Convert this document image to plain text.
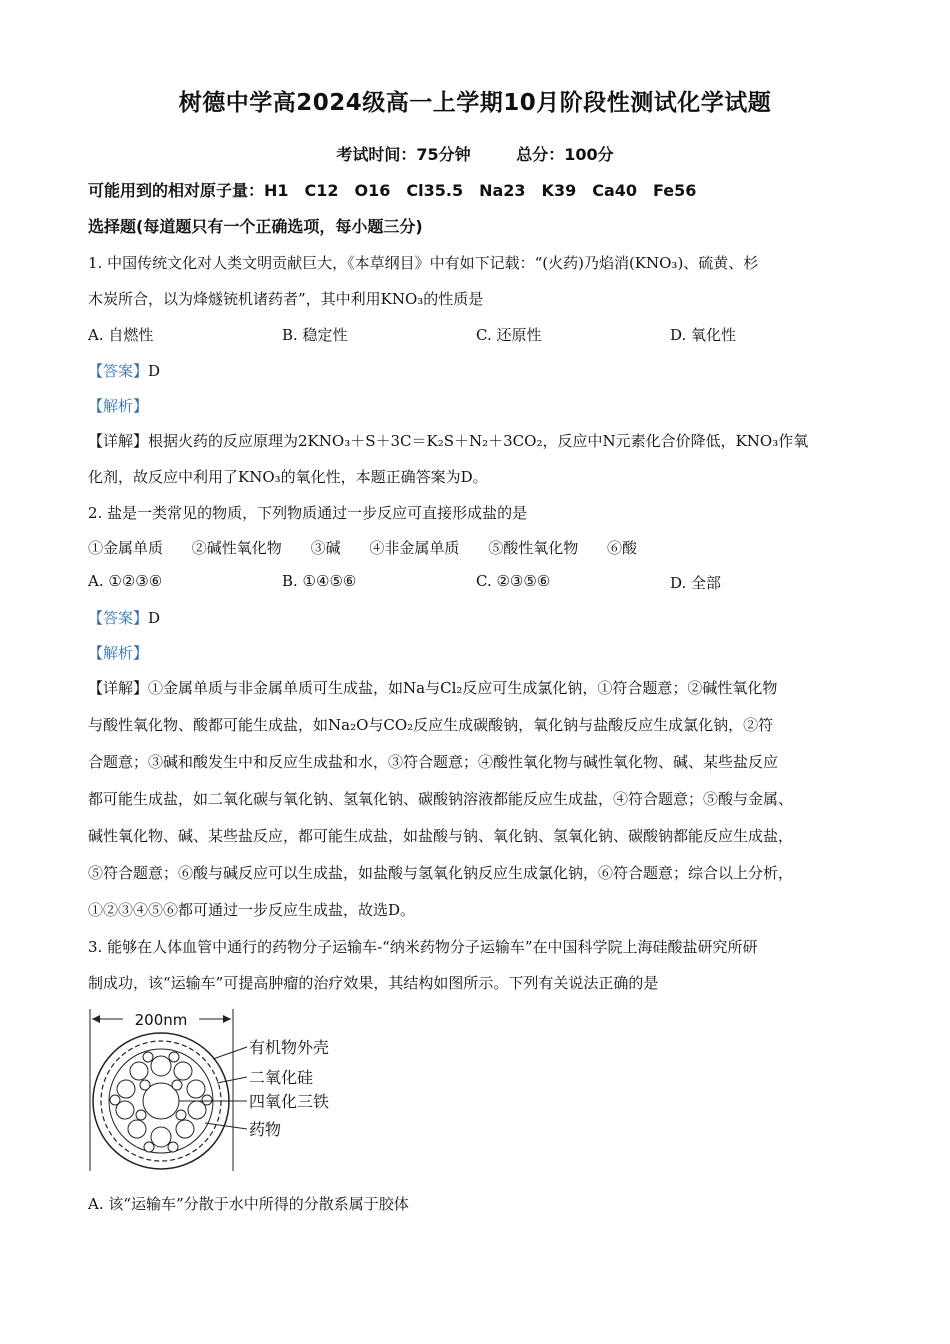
树德中学高2024级高一上学期10月阶段性测试化学试题
考试时间：75分钟	总分：100分
可能用到的相对原子量：H1　C12　O16　Cl35.5　Na23　K39　Ca40　Fe56
选择题(每道题只有一个正确选项，每小题三分)
1. 中国传统文化对人类文明贡献巨大，《本草纲目》中有如下记载：“(火药)乃焰消(KNO₃)、硫黄、杉
木炭所合，以为烽燧铳机诸药者”，其中利用KNO₃的性质是
A. 自燃性	B. 稳定性	C. 还原性	D. 氧化性
【答案】D
【解析】
【详解】根据火药的反应原理为2KNO₃＋S＋3C＝K₂S＋N₂＋3CO₂，反应中N元素化合价降低，KNO₃作氧
化剂，故反应中利用了KNO₃的氧化性，本题正确答案为D。
2. 盐是一类常见的物质，下列物质通过一步反应可直接形成盐的是
①金属单质 ②碱性氧化物 ③碱 ④非金属单质 ⑤酸性氧化物 ⑥酸
A. ①②③⑥	B. ①④⑤⑥	C. ②③⑤⑥	D. 全部
【答案】D
【解析】
【详解】①金属单质与非金属单质可生成盐，如Na与Cl₂反应可生成氯化钠，①符合题意；②碱性氧化物
与酸性氧化物、酸都可能生成盐，如Na₂O与CO₂反应生成碳酸钠，氧化钠与盐酸反应生成氯化钠，②符
合题意；③碱和酸发生中和反应生成盐和水，③符合题意；④酸性氧化物与碱性氧化物、碱、某些盐反应
都可能生成盐，如二氧化碳与氧化钠、氢氧化钠、碳酸钠溶液都能反应生成盐，④符合题意；⑤酸与金属、
碱性氧化物、碱、某些盐反应，都可能生成盐，如盐酸与钠、氧化钠、氢氧化钠、碳酸钠都能反应生成盐，
⑤符合题意；⑥酸与碱反应可以生成盐，如盐酸与氢氧化钠反应生成氯化钠，⑥符合题意；综合以上分析，
①②③④⑤⑥都可通过一步反应生成盐，故选D。
3. 能够在人体血管中通行的药物分子运输车-“纳米药物分子运输车”在中国科学院上海硅酸盐研究所研
制成功，该“运输车”可提高肿瘤的治疗效果，其结构如图所示。下列有关说法正确的是
200nm
有机物外壳
二氧化硅
四氧化三铁
药物
A. 该“运输车”分散于水中所得的分散系属于胶体
